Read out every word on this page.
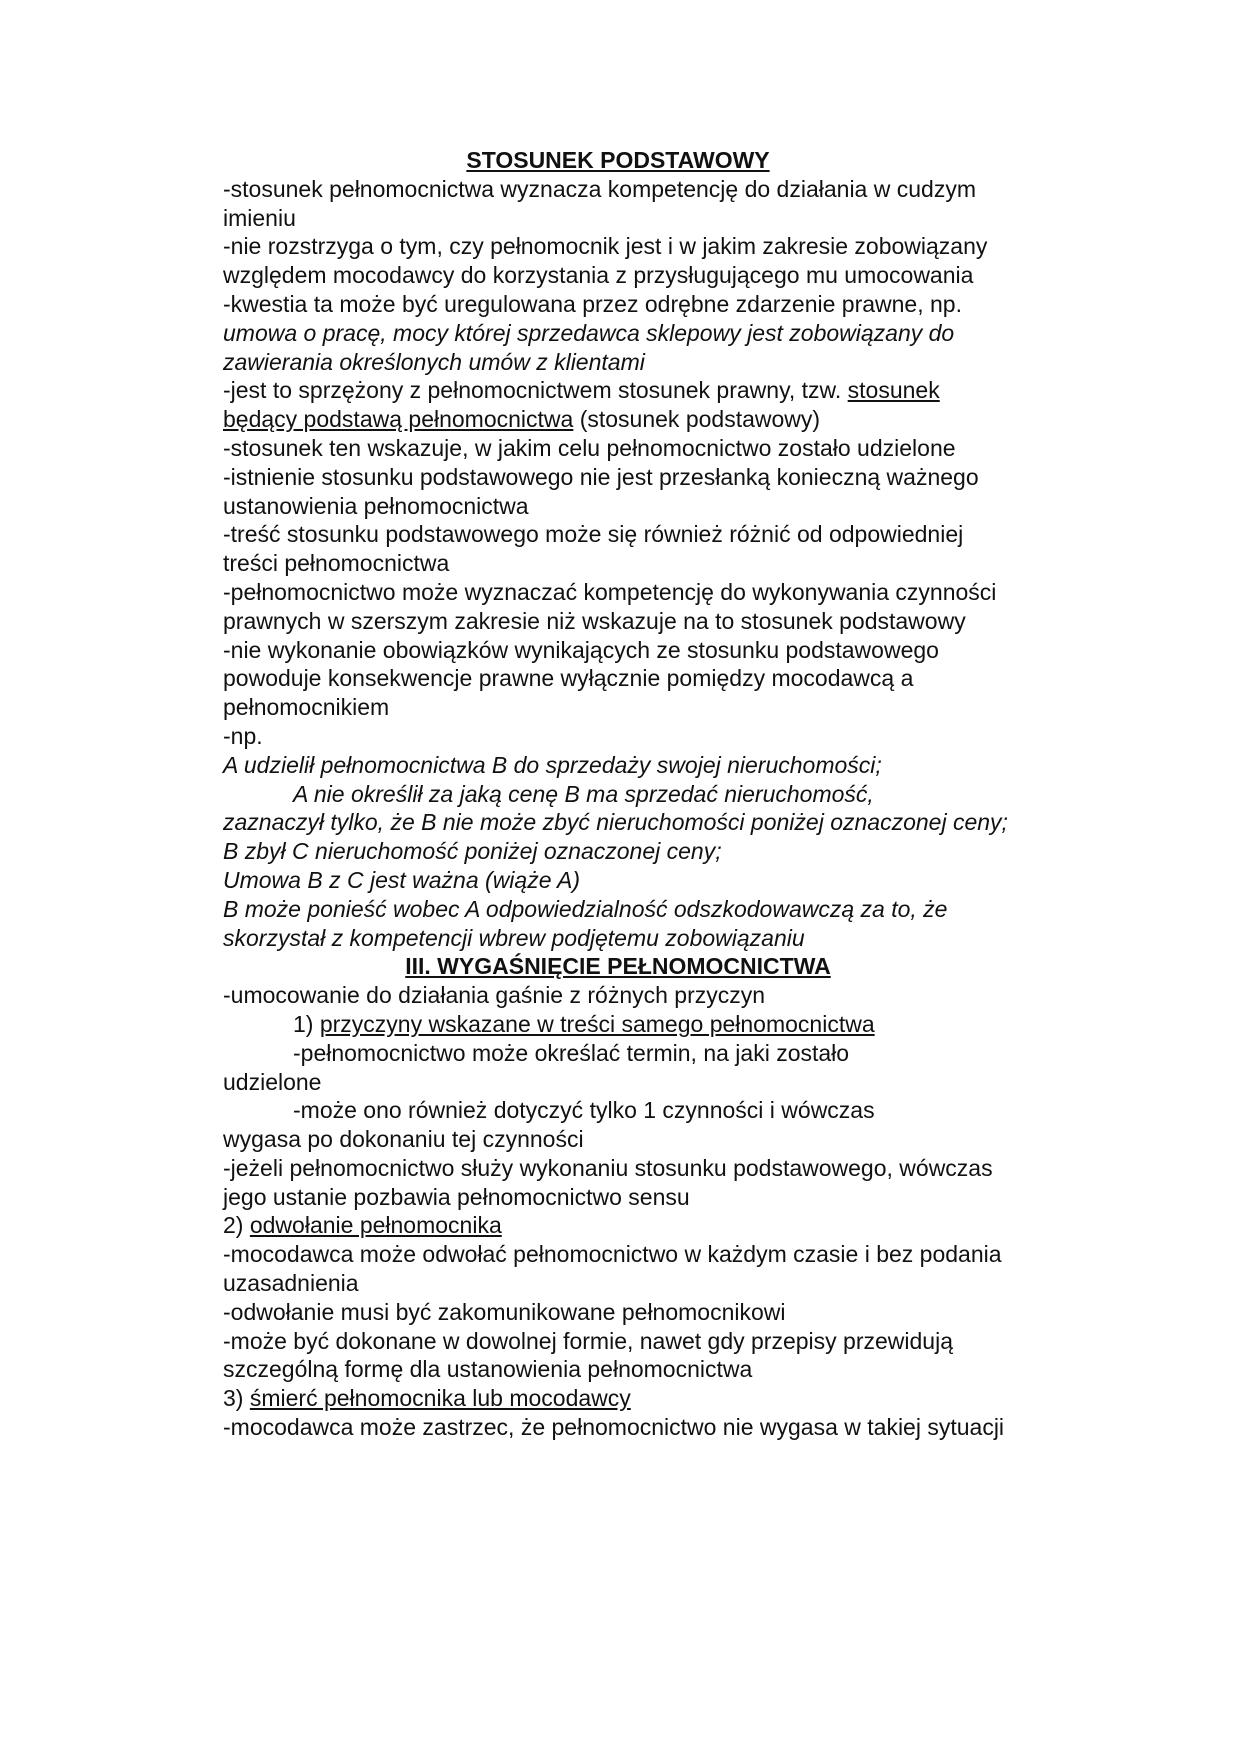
STOSUNEK PODSTAWOWY

-stosunek pełnomocnictwa wyznacza kompetencję do działania w cudzym imieniu

-nie rozstrzyga o tym, czy pełnomocnik jest i w jakim zakresie zobowiązany względem mocodawcy do korzystania z przysługującego mu umocowania

-kwestia ta może być uregulowana przez odrębne zdarzenie prawne, np. umowa o pracę, mocy której sprzedawca sklepowy jest zobowiązany do zawierania określonych umów z klientami

-jest to sprzężony z pełnomocnictwem stosunek prawny, tzw. stosunek będący podstawą pełnomocnictwa (stosunek podstawowy)

-stosunek ten wskazuje, w jakim celu pełnomocnictwo zostało udzielone

-istnienie stosunku podstawowego nie jest przesłanką konieczną ważnego ustanowienia pełnomocnictwa

-treść stosunku podstawowego może się również różnić od odpowiedniej treści pełnomocnictwa

-pełnomocnictwo może wyznaczać kompetencję do wykonywania czynności prawnych w szerszym zakresie niż wskazuje na to stosunek podstawowy

-nie wykonanie obowiązków wynikających ze stosunku podstawowego powoduje konsekwencje prawne wyłącznie pomiędzy mocodawcą a pełnomocnikiem

-np.

A udzielił pełnomocnictwa B do sprzedaży swojej nieruchomości;

A nie określił za jaką cenę B ma sprzedać nieruchomość,

zaznaczył tylko, że B nie może zbyć nieruchomości poniżej oznaczonej ceny;

B zbył C nieruchomość poniżej oznaczonej ceny;

Umowa B z C jest ważna (wiąże A)

B może ponieść wobec A odpowiedzialność odszkodowawczą za to, że skorzystał z kompetencji wbrew podjętemu zobowiązaniu

III. WYGAŚNIĘCIE PEŁNOMOCNICTWA

-umocowanie do działania gaśnie z różnych przyczyn

1) przyczyny wskazane w treści samego pełnomocnictwa

-pełnomocnictwo może określać termin, na jaki zostało

udzielone

-może ono również dotyczyć tylko 1 czynności i wówczas

wygasa po dokonaniu tej czynności

-jeżeli pełnomocnictwo służy wykonaniu stosunku podstawowego, wówczas jego ustanie pozbawia pełnomocnictwo sensu

2) odwołanie pełnomocnika

-mocodawca może odwołać pełnomocnictwo w każdym czasie i bez podania uzasadnienia

-odwołanie musi być zakomunikowane pełnomocnikowi

-może być dokonane w dowolnej formie, nawet gdy przepisy przewidują szczególną formę dla ustanowienia pełnomocnictwa

3) śmierć pełnomocnika lub mocodawcy

-mocodawca może zastrzec, że pełnomocnictwo nie wygasa w takiej sytuacji
